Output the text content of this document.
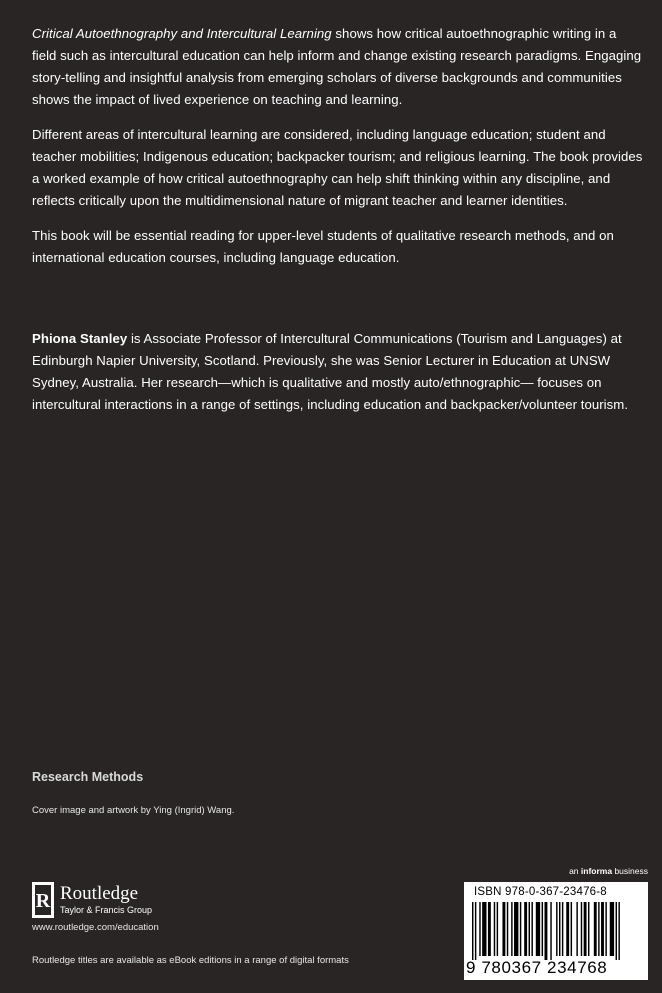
Critical Autoethnography and Intercultural Learning shows how critical autoethnographic writing in a field such as intercultural education can help inform and change existing research paradigms. Engaging story-telling and insightful analysis from emerging scholars of diverse backgrounds and communities shows the impact of lived experience on teaching and learning.

Different areas of intercultural learning are considered, including language education; student and teacher mobilities; Indigenous education; backpacker tourism; and religious learning. The book provides a worked example of how critical autoethnography can help shift thinking within any discipline, and reflects critically upon the multidimensional nature of migrant teacher and learner identities.

This book will be essential reading for upper-level students of qualitative research methods, and on international education courses, including language education.

Phiona Stanley is Associate Professor of Intercultural Communications (Tourism and Languages) at Edinburgh Napier University, Scotland. Previously, she was Senior Lecturer in Education at UNSW Sydney, Australia. Her research—which is qualitative and mostly auto/ethnographic— focuses on intercultural interactions in a range of settings, including education and backpacker/volunteer tourism.

Research Methods
Cover image and artwork by Ying (Ingrid) Wang.
an informa business
R Routledge
Taylor & Francis Group
www.routledge.com/education
Routledge titles are available as eBook editions in a range of digital formats
ISBN 978-0-367-23476-8
9 780367 234768
